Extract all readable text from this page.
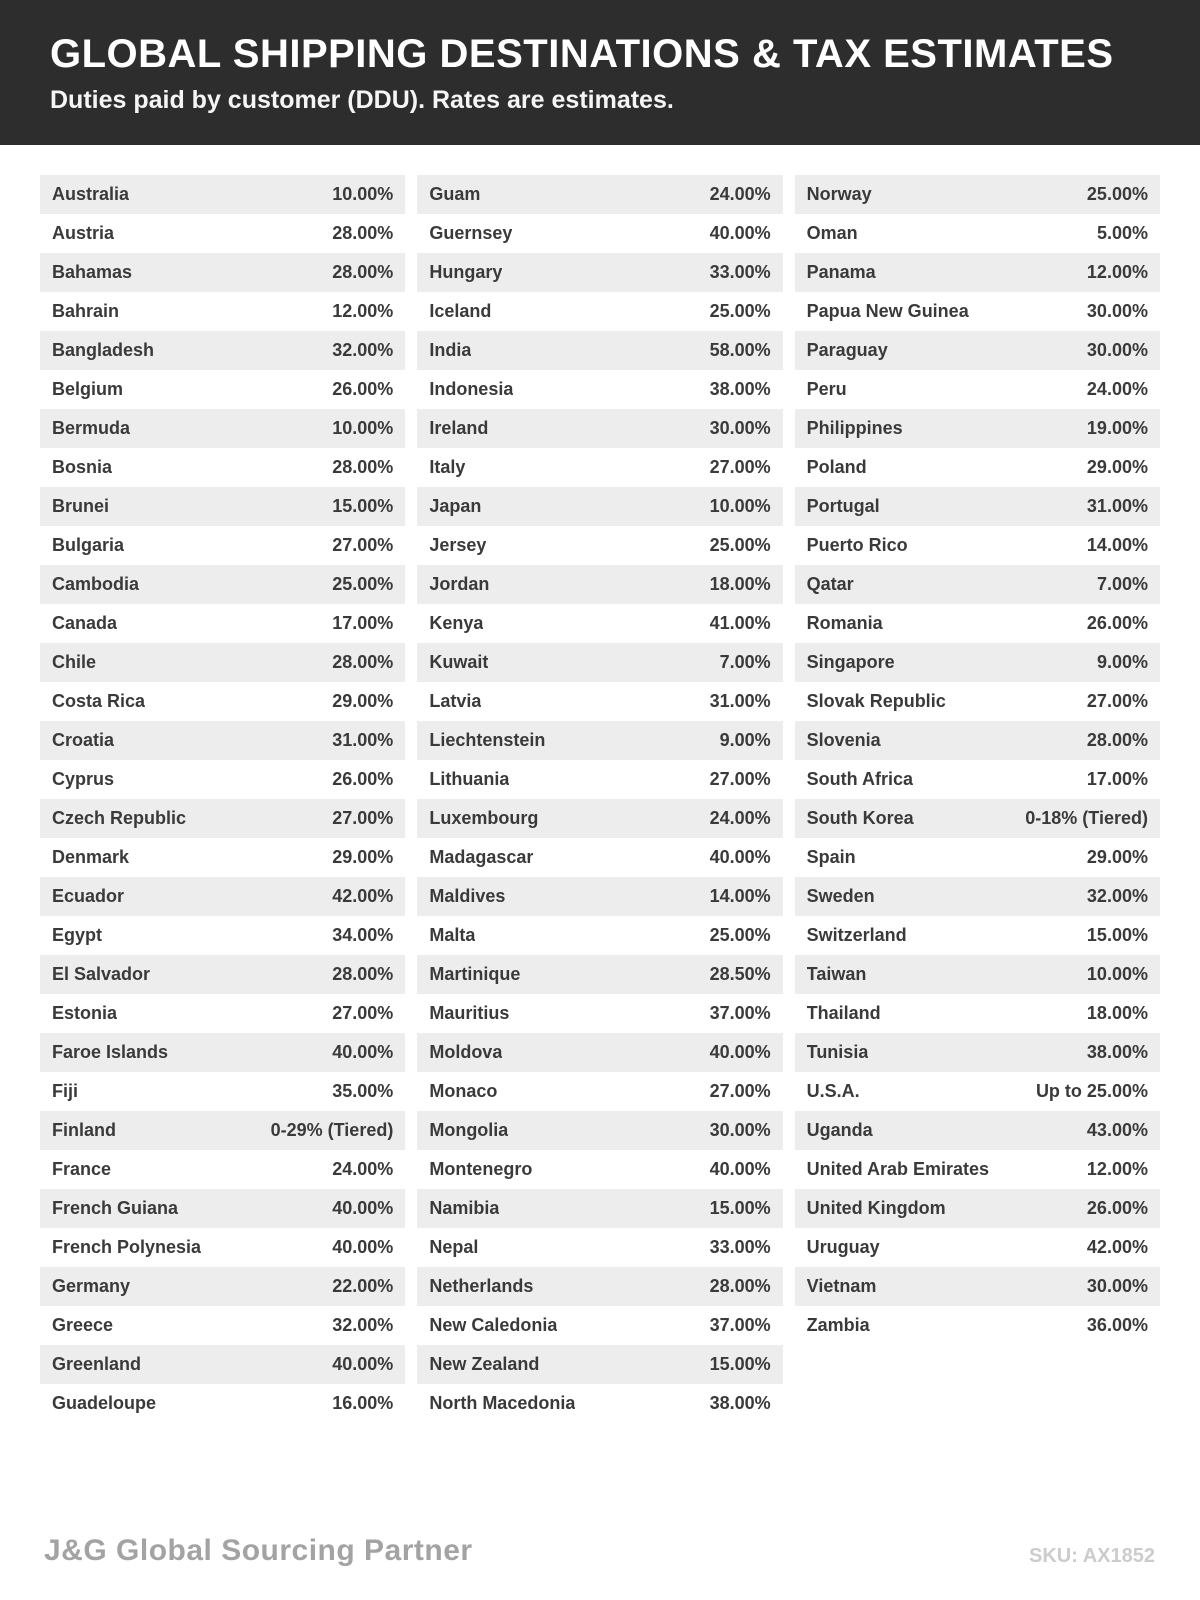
GLOBAL SHIPPING DESTINATIONS & TAX ESTIMATES
Duties paid by customer (DDU). Rates are estimates.
Australia	10.00%
Austria	28.00%
Bahamas	28.00%
Bahrain	12.00%
Bangladesh	32.00%
Belgium	26.00%
Bermuda	10.00%
Bosnia	28.00%
Brunei	15.00%
Bulgaria	27.00%
Cambodia	25.00%
Canada	17.00%
Chile	28.00%
Costa Rica	29.00%
Croatia	31.00%
Cyprus	26.00%
Czech Republic	27.00%
Denmark	29.00%
Ecuador	42.00%
Egypt	34.00%
El Salvador	28.00%
Estonia	27.00%
Faroe Islands	40.00%
Fiji	35.00%
Finland	0-29% (Tiered)
France	24.00%
French Guiana	40.00%
French Polynesia	40.00%
Germany	22.00%
Greece	32.00%
Greenland	40.00%
Guadeloupe	16.00%
Guam	24.00%
Guernsey	40.00%
Hungary	33.00%
Iceland	25.00%
India	58.00%
Indonesia	38.00%
Ireland	30.00%
Italy	27.00%
Japan	10.00%
Jersey	25.00%
Jordan	18.00%
Kenya	41.00%
Kuwait	7.00%
Latvia	31.00%
Liechtenstein	9.00%
Lithuania	27.00%
Luxembourg	24.00%
Madagascar	40.00%
Maldives	14.00%
Malta	25.00%
Martinique	28.50%
Mauritius	37.00%
Moldova	40.00%
Monaco	27.00%
Mongolia	30.00%
Montenegro	40.00%
Namibia	15.00%
Nepal	33.00%
Netherlands	28.00%
New Caledonia	37.00%
New Zealand	15.00%
North Macedonia	38.00%
Norway	25.00%
Oman	5.00%
Panama	12.00%
Papua New Guinea	30.00%
Paraguay	30.00%
Peru	24.00%
Philippines	19.00%
Poland	29.00%
Portugal	31.00%
Puerto Rico	14.00%
Qatar	7.00%
Romania	26.00%
Singapore	9.00%
Slovak Republic	27.00%
Slovenia	28.00%
South Africa	17.00%
South Korea	0-18% (Tiered)
Spain	29.00%
Sweden	32.00%
Switzerland	15.00%
Taiwan	10.00%
Thailand	18.00%
Tunisia	38.00%
U.S.A.	Up to 25.00%
Uganda	43.00%
United Arab Emirates	12.00%
United Kingdom	26.00%
Uruguay	42.00%
Vietnam	30.00%
Zambia	36.00%
J&G Global Sourcing Partner	SKU: AX1852
